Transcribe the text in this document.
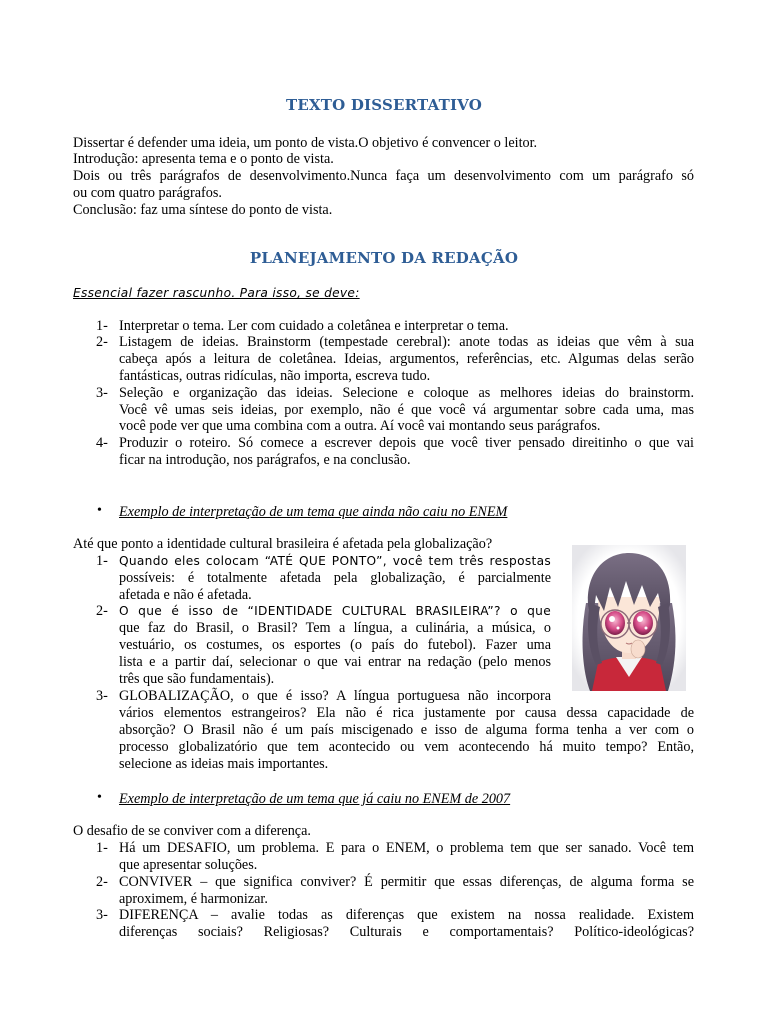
TEXTO DISSERTATIVO
Dissertar é defender uma ideia, um ponto de vista.O objetivo é convencer o leitor.
Introdução: apresenta tema e o ponto de vista.
Dois ou três parágrafos de desenvolvimento.Nunca faça um desenvolvimento com um parágrafo só
ou com quatro parágrafos.
Conclusão: faz uma síntese do ponto de vista.
PLANEJAMENTO DA REDAÇÃO
Essencial fazer rascunho. Para isso, se deve:
1- Interpretar o tema. Ler com cuidado a coletânea e interpretar o tema.
2- Listagem de ideias. Brainstorm (tempestade cerebral): anote todas as ideias que vêm à sua
cabeça após a leitura de coletânea. Ideias, argumentos, referências, etc. Algumas delas serão
fantásticas, outras ridículas, não importa, escreva tudo.
3- Seleção e organização das ideias. Selecione e coloque as melhores ideias do brainstorm.
Você vê umas seis ideias, por exemplo, não é que você vá argumentar sobre cada uma, mas
você pode ver que uma combina com a outra. Aí você vai montando seus parágrafos.
4- Produzir o roteiro. Só comece a escrever depois que você tiver pensado direitinho o que vai
ficar na introdução, nos parágrafos, e na conclusão.
• Exemplo de interpretação de um tema que ainda não caiu no ENEM
Até que ponto a identidade cultural brasileira é afetada pela globalização?
1- Quando eles colocam “ATÉ QUE PONTO”, você tem três respostas
possíveis: é totalmente afetada pela globalização, é parcialmente
afetada e não é afetada.
2- O que é isso de “IDENTIDADE CULTURAL BRASILEIRA”? o que
que faz do Brasil, o Brasil? Tem a língua, a culinária, a música, o
vestuário, os costumes, os esportes (o país do futebol). Fazer uma
lista e a partir daí, selecionar o que vai entrar na redação (pelo menos
três que são fundamentais).
3- GLOBALIZAÇÃO, o que é isso? A língua portuguesa não incorpora
vários elementos estrangeiros? Ela não é rica justamente por causa dessa capacidade de
absorção? O Brasil não é um país miscigenado e isso de alguma forma tenha a ver com o
processo globalizatório que tem acontecido ou vem acontecendo há muito tempo? Então,
selecione as ideias mais importantes.
• Exemplo de interpretação de um tema que já caiu no ENEM de 2007
O desafio de se conviver com a diferença.
1- Há um DESAFIO, um problema. E para o ENEM, o problema tem que ser sanado. Você tem
que apresentar soluções.
2- CONVIVER – que significa conviver? É permitir que essas diferenças, de alguma forma se
aproximem, é harmonizar.
3- DIFERENÇA – avalie todas as diferenças que existem na nossa realidade. Existem
diferenças sociais? Religiosas? Culturais e comportamentais? Político-ideológicas?
